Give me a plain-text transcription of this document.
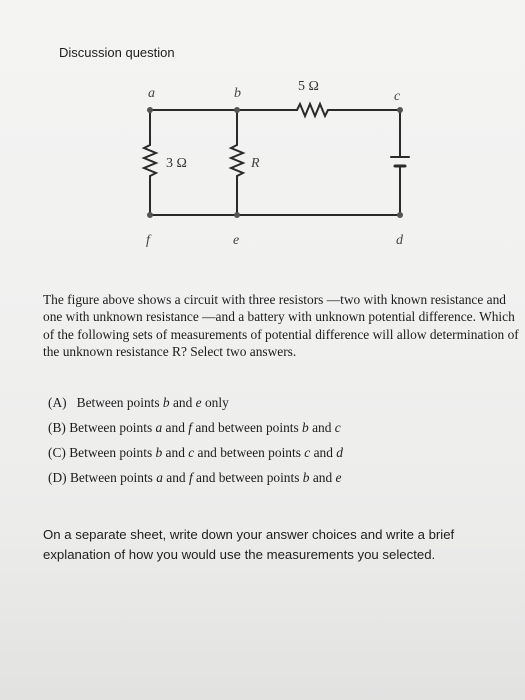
Discussion question
a	b	c
d
e
f
5 Ω
3 Ω	R

The figure above shows a circuit with three resistors —two with known resistance and one with unknown resistance —and a battery with unknown potential difference. Which of the following sets of measurements of potential difference will allow determination of the unknown resistance R? Select two answers.

(A) Between points b and e only
(B) Between points a and f and between points b and c
(C) Between points b and c and between points c and d
(D) Between points a and f and between points b and e

On a separate sheet, write down your answer choices and write a brief explanation of how you would use the measurements you selected.
